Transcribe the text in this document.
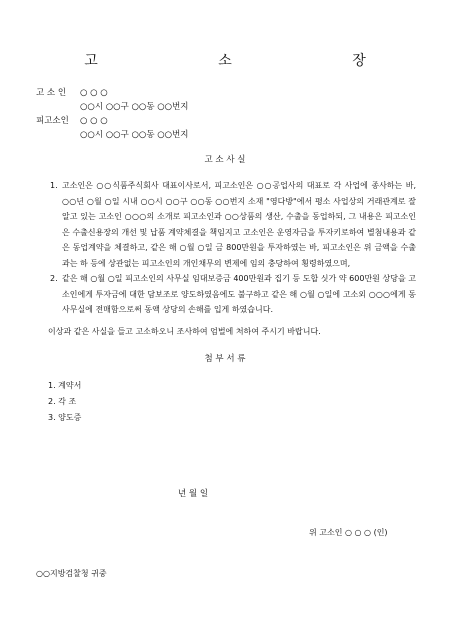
고 소 장
고 소 인 ○ ○ ○
○○시 ○○구 ○○동 ○○번지
피고소인 ○ ○ ○
○○시 ○○구 ○○동 ○○번지
고 소 사 실
1. 고소인은 ○○식품주식회사 대표이사로서, 피고소인은 ○○공업사의 대표로 각 사업에 종사하는 바, ○○년 ○월 ○일 시내 ○○시 ○○구 ○○동 ○○번지 소재 "영다방"에서 평소 사업상의 거래관계로 잘 알고 있는 고소인 ○○○의 소개로 피고소인과 ○○상품의 생산, 수출을 동업하되, 그 내용은 피고소인은 수출신용장의 개선 및 납품 계약체결을 책임지고 고소인은 운영자금을 투자키로하여 별첨내용과 같은 동업계약을 체결하고, 같은 해 ○월 ○일 금 800만원을 투자하였는 바, 피고소인은 위 금액을 수출과는 하 등에 상관없는 피고소인의 개인채무의 변제에 임의 충당하여 횡령하였으며,
2. 같은 해 ○월 ○일 피고소인의 사무실 임대보증금 400만원과 집기 등 도합 싯가 약 600만원 상당을 고소인에게 투자금에 대한 담보조로 양도하였음에도 불구하고 같은 해 ○월 ○일에 고소외 ○○○에게 동 사무실에 전매함으로써 동액 상당의 손해를 입게 하였습니다.
이상과 같은 사실을 들고 고소하오니 조사하여 엄벌에 처하여 주시기 바랍니다.
첨 부 서 류
1. 계약서
2. 각 조
3. 양도증
년 월 일
위 고소인 ○ ○ ○ (인)
○○지방검찰청 귀중
